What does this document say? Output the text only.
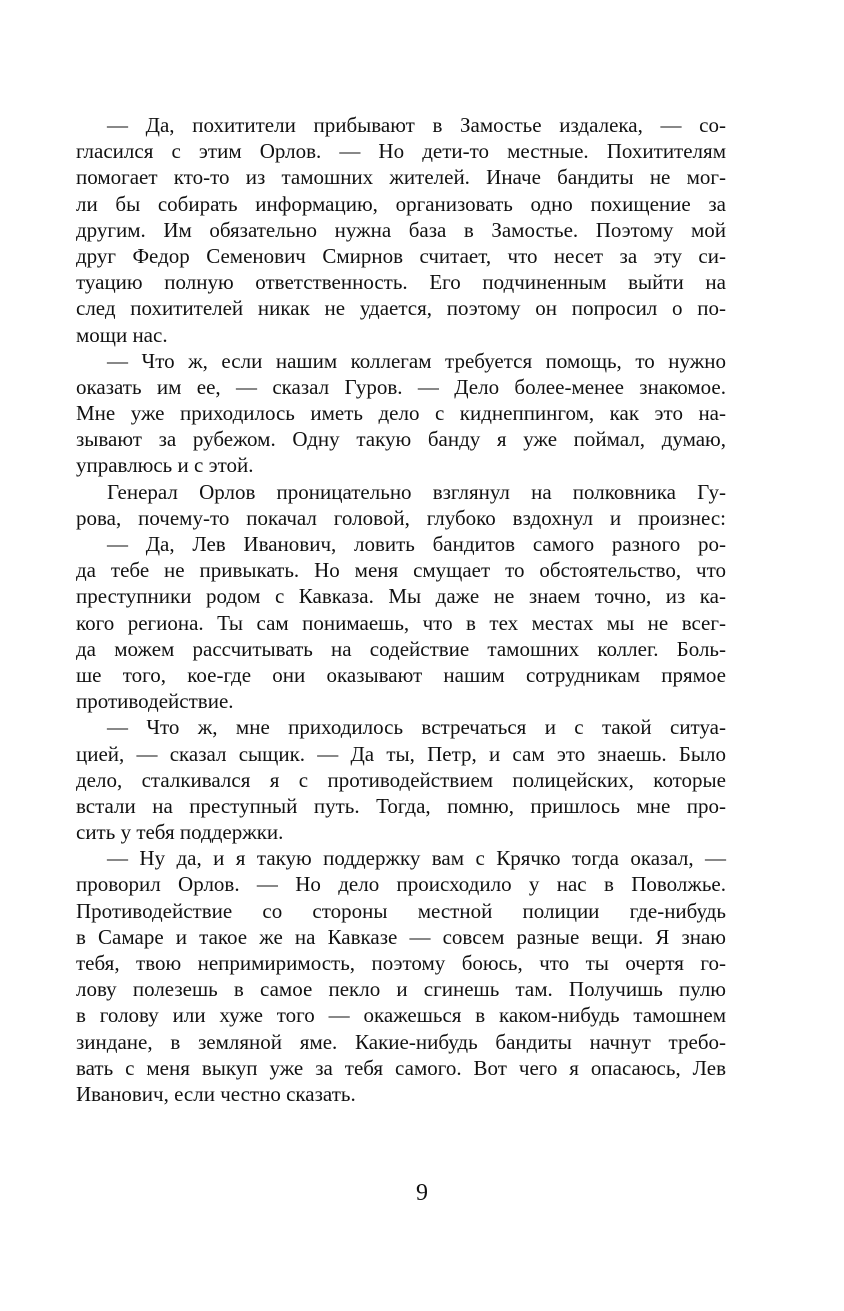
— Да, похитители прибывают в Замостье издалека, — со-
гласился с этим Орлов. — Но дети-то местные. Похитителям
помогает кто-то из тамошних жителей. Иначе бандиты не мог-
ли бы собирать информацию, организовать одно похищение за
другим. Им обязательно нужна база в Замостье. Поэтому мой
друг Федор Семенович Смирнов считает, что несет за эту си-
туацию полную ответственность. Его подчиненным выйти на
след похитителей никак не удается, поэтому он попросил о по-
мощи нас.
— Что ж, если нашим коллегам требуется помощь, то нужно
оказать им ее, — сказал Гуров. — Дело более-менее знакомое.
Мне уже приходилось иметь дело с киднеппингом, как это на-
зывают за рубежом. Одну такую банду я уже поймал, думаю,
управлюсь и с этой.
Генерал Орлов проницательно взглянул на полковника Гу-
рова, почему-то покачал головой, глубоко вздохнул и произнес:
— Да, Лев Иванович, ловить бандитов самого разного ро-
да тебе не привыкать. Но меня смущает то обстоятельство, что
преступники родом с Кавказа. Мы даже не знаем точно, из ка-
кого региона. Ты сам понимаешь, что в тех местах мы не всег-
да можем рассчитывать на содействие тамошних коллег. Боль-
ше того, кое-где они оказывают нашим сотрудникам прямое
противодействие.
— Что ж, мне приходилось встречаться и с такой ситуа-
цией, — сказал сыщик. — Да ты, Петр, и сам это знаешь. Было
дело, сталкивался я с противодействием полицейских, которые
встали на преступный путь. Тогда, помню, пришлось мне про-
сить у тебя поддержки.
— Ну да, и я такую поддержку вам с Крячко тогда оказал, —
проворил Орлов. — Но дело происходило у нас в Поволжье.
Противодействие со стороны местной полиции где-нибудь
в Самаре и такое же на Кавказе — совсем разные вещи. Я знаю
тебя, твою непримиримость, поэтому боюсь, что ты очертя го-
лову полезешь в самое пекло и сгинешь там. Получишь пулю
в голову или хуже того — окажешься в каком-нибудь тамошнем
зиндане, в земляной яме. Какие-нибудь бандиты начнут требо-
вать с меня выкуп уже за тебя самого. Вот чего я опасаюсь, Лев
Иванович, если честно сказать.
9
